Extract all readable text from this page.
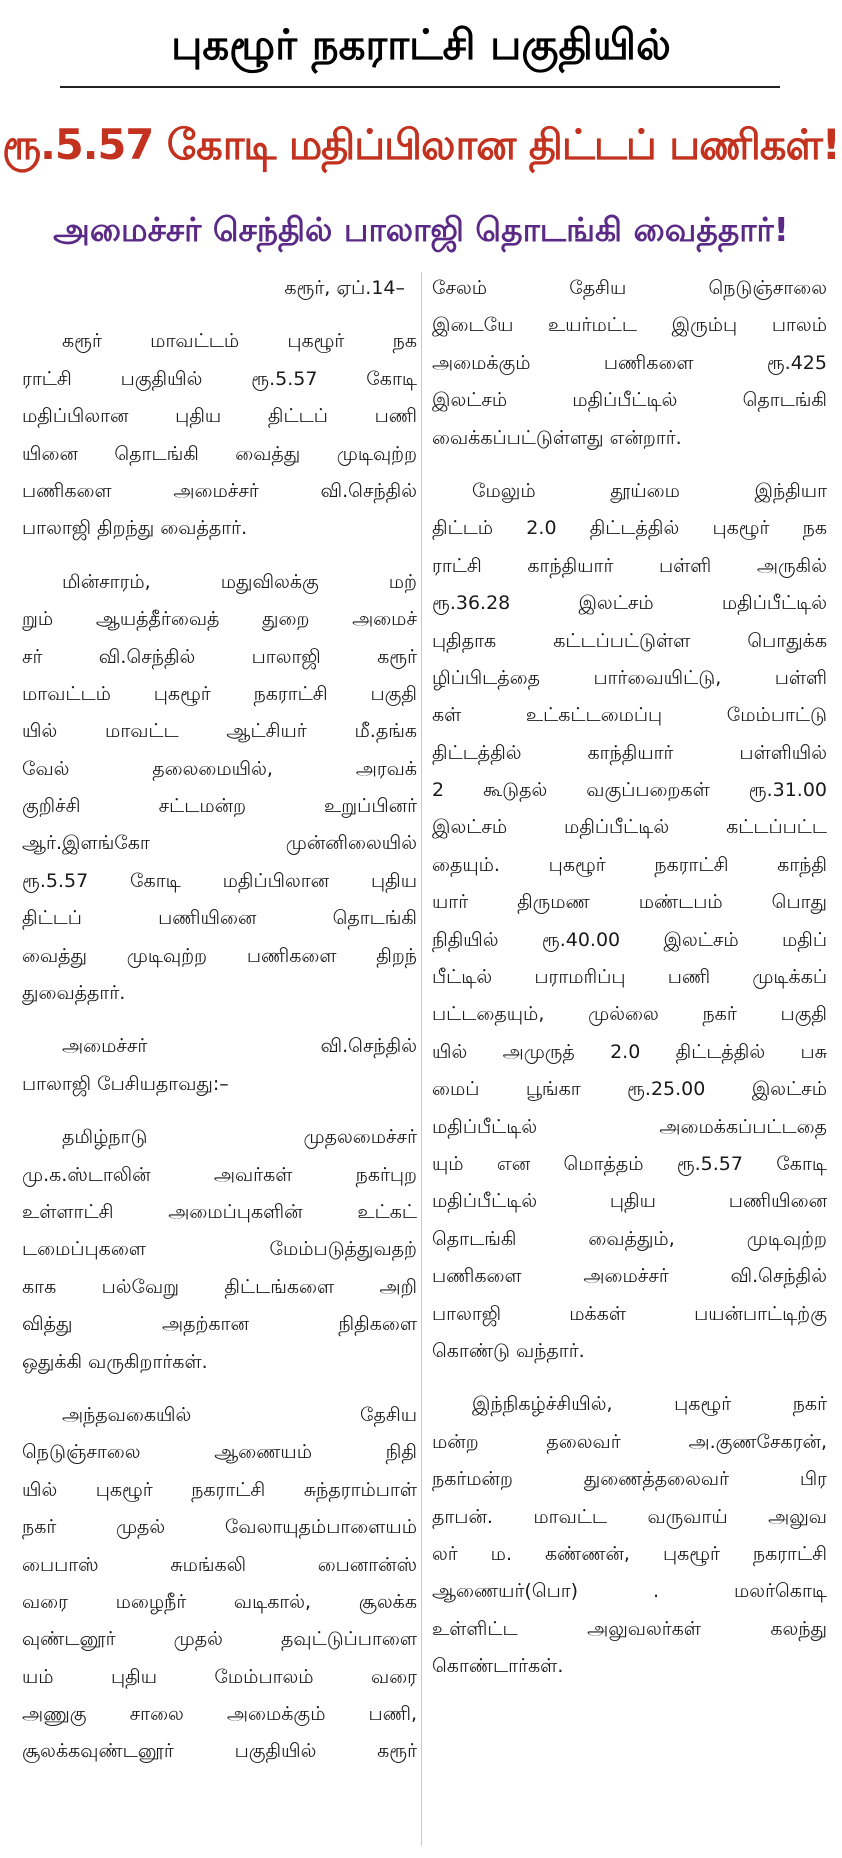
புகழூர் நகராட்சி பகுதியில்
ரூ.5.57 கோடி மதிப்பிலான திட்டப் பணிகள்!
அமைச்சர் செந்தில் பாலாஜி தொடங்கி வைத்தார்!
கரூர், ஏப்.14–
கரூர் மாவட்டம் புகழூர் நக
ராட்சி பகுதியில் ரூ.5.57 கோடி
மதிப்பிலான புதிய திட்டப் பணி
யினை தொடங்கி வைத்து முடிவுற்ற
பணிகளை அமைச்சர் வி.செந்தில்
பாலாஜி திறந்து வைத்தார்.
மின்சாரம், மதுவிலக்கு மற்
றும் ஆயத்தீர்வைத் துறை அமைச்
சர் வி.செந்தில் பாலாஜி கரூர்
மாவட்டம் புகழூர் நகராட்சி பகுதி
யில் மாவட்ட ஆட்சியர் மீ.தங்க
வேல் தலைமையில், அரவக்
குறிச்சி சட்டமன்ற உறுப்பினர்
ஆர்.இளங்கோ முன்னிலையில்
ரூ.5.57 கோடி மதிப்பிலான புதிய
திட்டப் பணியினை தொடங்கி
வைத்து முடிவுற்ற பணிகளை திறந்
துவைத்தார்.
அமைச்சர் வி.செந்தில்
பாலாஜி பேசியதாவது:–
தமிழ்நாடு முதலமைச்சர்
மு.க.ஸ்டாலின் அவர்கள் நகர்புற
உள்ளாட்சி அமைப்புகளின் உட்கட்
டமைப்புகளை மேம்படுத்துவதற்
காக பல்வேறு திட்டங்களை அறி
வித்து அதற்கான நிதிகளை
ஒதுக்கி வருகிறார்கள்.
அந்தவகையில் தேசிய
நெடுஞ்சாலை ஆணையம் நிதி
யில் புகழூர் நகராட்சி சுந்தராம்பாள்
நகர் முதல் வேலாயுதம்பாளையம்
பைபாஸ் சுமங்கலி பைனான்ஸ்
வரை மழைநீர் வடிகால், சூலக்க
வுண்டனூர் முதல் தவுட்டுப்பாளை
யம் புதிய மேம்பாலம் வரை
அணுகு சாலை அமைக்கும் பணி,
சூலக்கவுண்டனூர் பகுதியில் கரூர்
சேலம் தேசிய நெடுஞ்சாலை
இடையே உயர்மட்ட இரும்பு பாலம்
அமைக்கும் பணிகளை ரூ.425
இலட்சம் மதிப்பீட்டில் தொடங்கி
வைக்கப்பட்டுள்ளது என்றார்.
மேலும் தூய்மை இந்தியா
திட்டம் 2.0 திட்டத்தில் புகழூர் நக
ராட்சி காந்தியார் பள்ளி அருகில்
ரூ.36.28 இலட்சம் மதிப்பீட்டில்
புதிதாக கட்டப்பட்டுள்ள பொதுக்க
ழிப்பிடத்தை பார்வையிட்டு, பள்ளி
கள் உட்கட்டமைப்பு மேம்பாட்டு
திட்டத்தில் காந்தியார் பள்ளியில்
2 கூடுதல் வகுப்பறைகள் ரூ.31.00
இலட்சம் மதிப்பீட்டில் கட்டப்பட்ட
தையும். புகழூர் நகராட்சி காந்தி
யார் திருமண மண்டபம் பொது
நிதியில் ரூ.40.00 இலட்சம் மதிப்
பீட்டில் பராமரிப்பு பணி முடிக்கப்
பட்டதையும், முல்லை நகர் பகுதி
யில் அமுருத் 2.0 திட்டத்தில் பசு
மைப் பூங்கா ரூ.25.00 இலட்சம்
மதிப்பீட்டில் அமைக்கப்பட்டதை
யும் என மொத்தம் ரூ.5.57 கோடி
மதிப்பீட்டில் புதிய பணியினை
தொடங்கி வைத்தும், முடிவுற்ற
பணிகளை அமைச்சர் வி.செந்தில்
பாலாஜி மக்கள் பயன்பாட்டிற்கு
கொண்டு வந்தார்.
இந்நிகழ்ச்சியில், புகழூர் நகர்
மன்ற தலைவர் அ.குணசேகரன்,
நகர்மன்ற துணைத்தலைவர் பிர
தாபன். மாவட்ட வருவாய் அலுவ
லர் ம. கண்ணன், புகழூர் நகராட்சி
ஆணையர்(பொ) . மலர்கொடி
உள்ளிட்ட அலுவலர்கள் கலந்து
கொண்டார்கள்.
